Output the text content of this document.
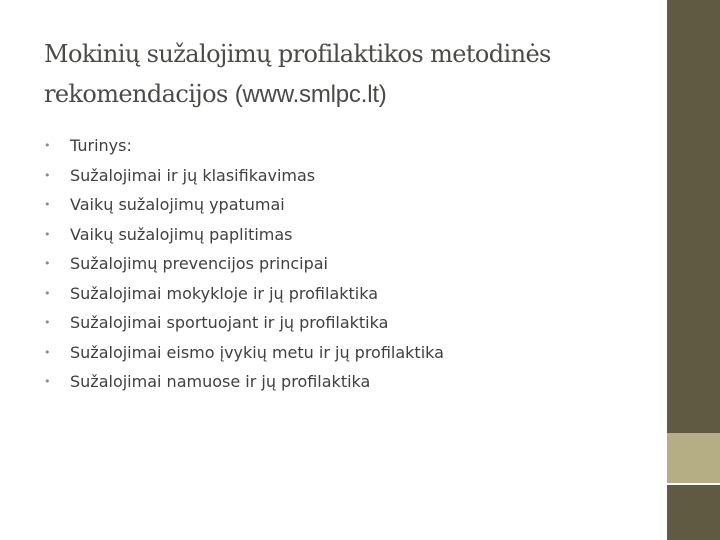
Mokinių sužalojimų profilaktikos metodinės
rekomendacijos (www.smlpc.lt)
•	Turinys:
•	Sužalojimai ir jų klasifikavimas
•	Vaikų sužalojimų ypatumai
•	Vaikų sužalojimų paplitimas
•	Sužalojimų prevencijos principai
•	Sužalojimai mokykloje ir jų profilaktika
•	Sužalojimai sportuojant ir jų profilaktika
•	Sužalojimai eismo įvykių metu ir jų profilaktika
•	Sužalojimai namuose ir jų profilaktika
